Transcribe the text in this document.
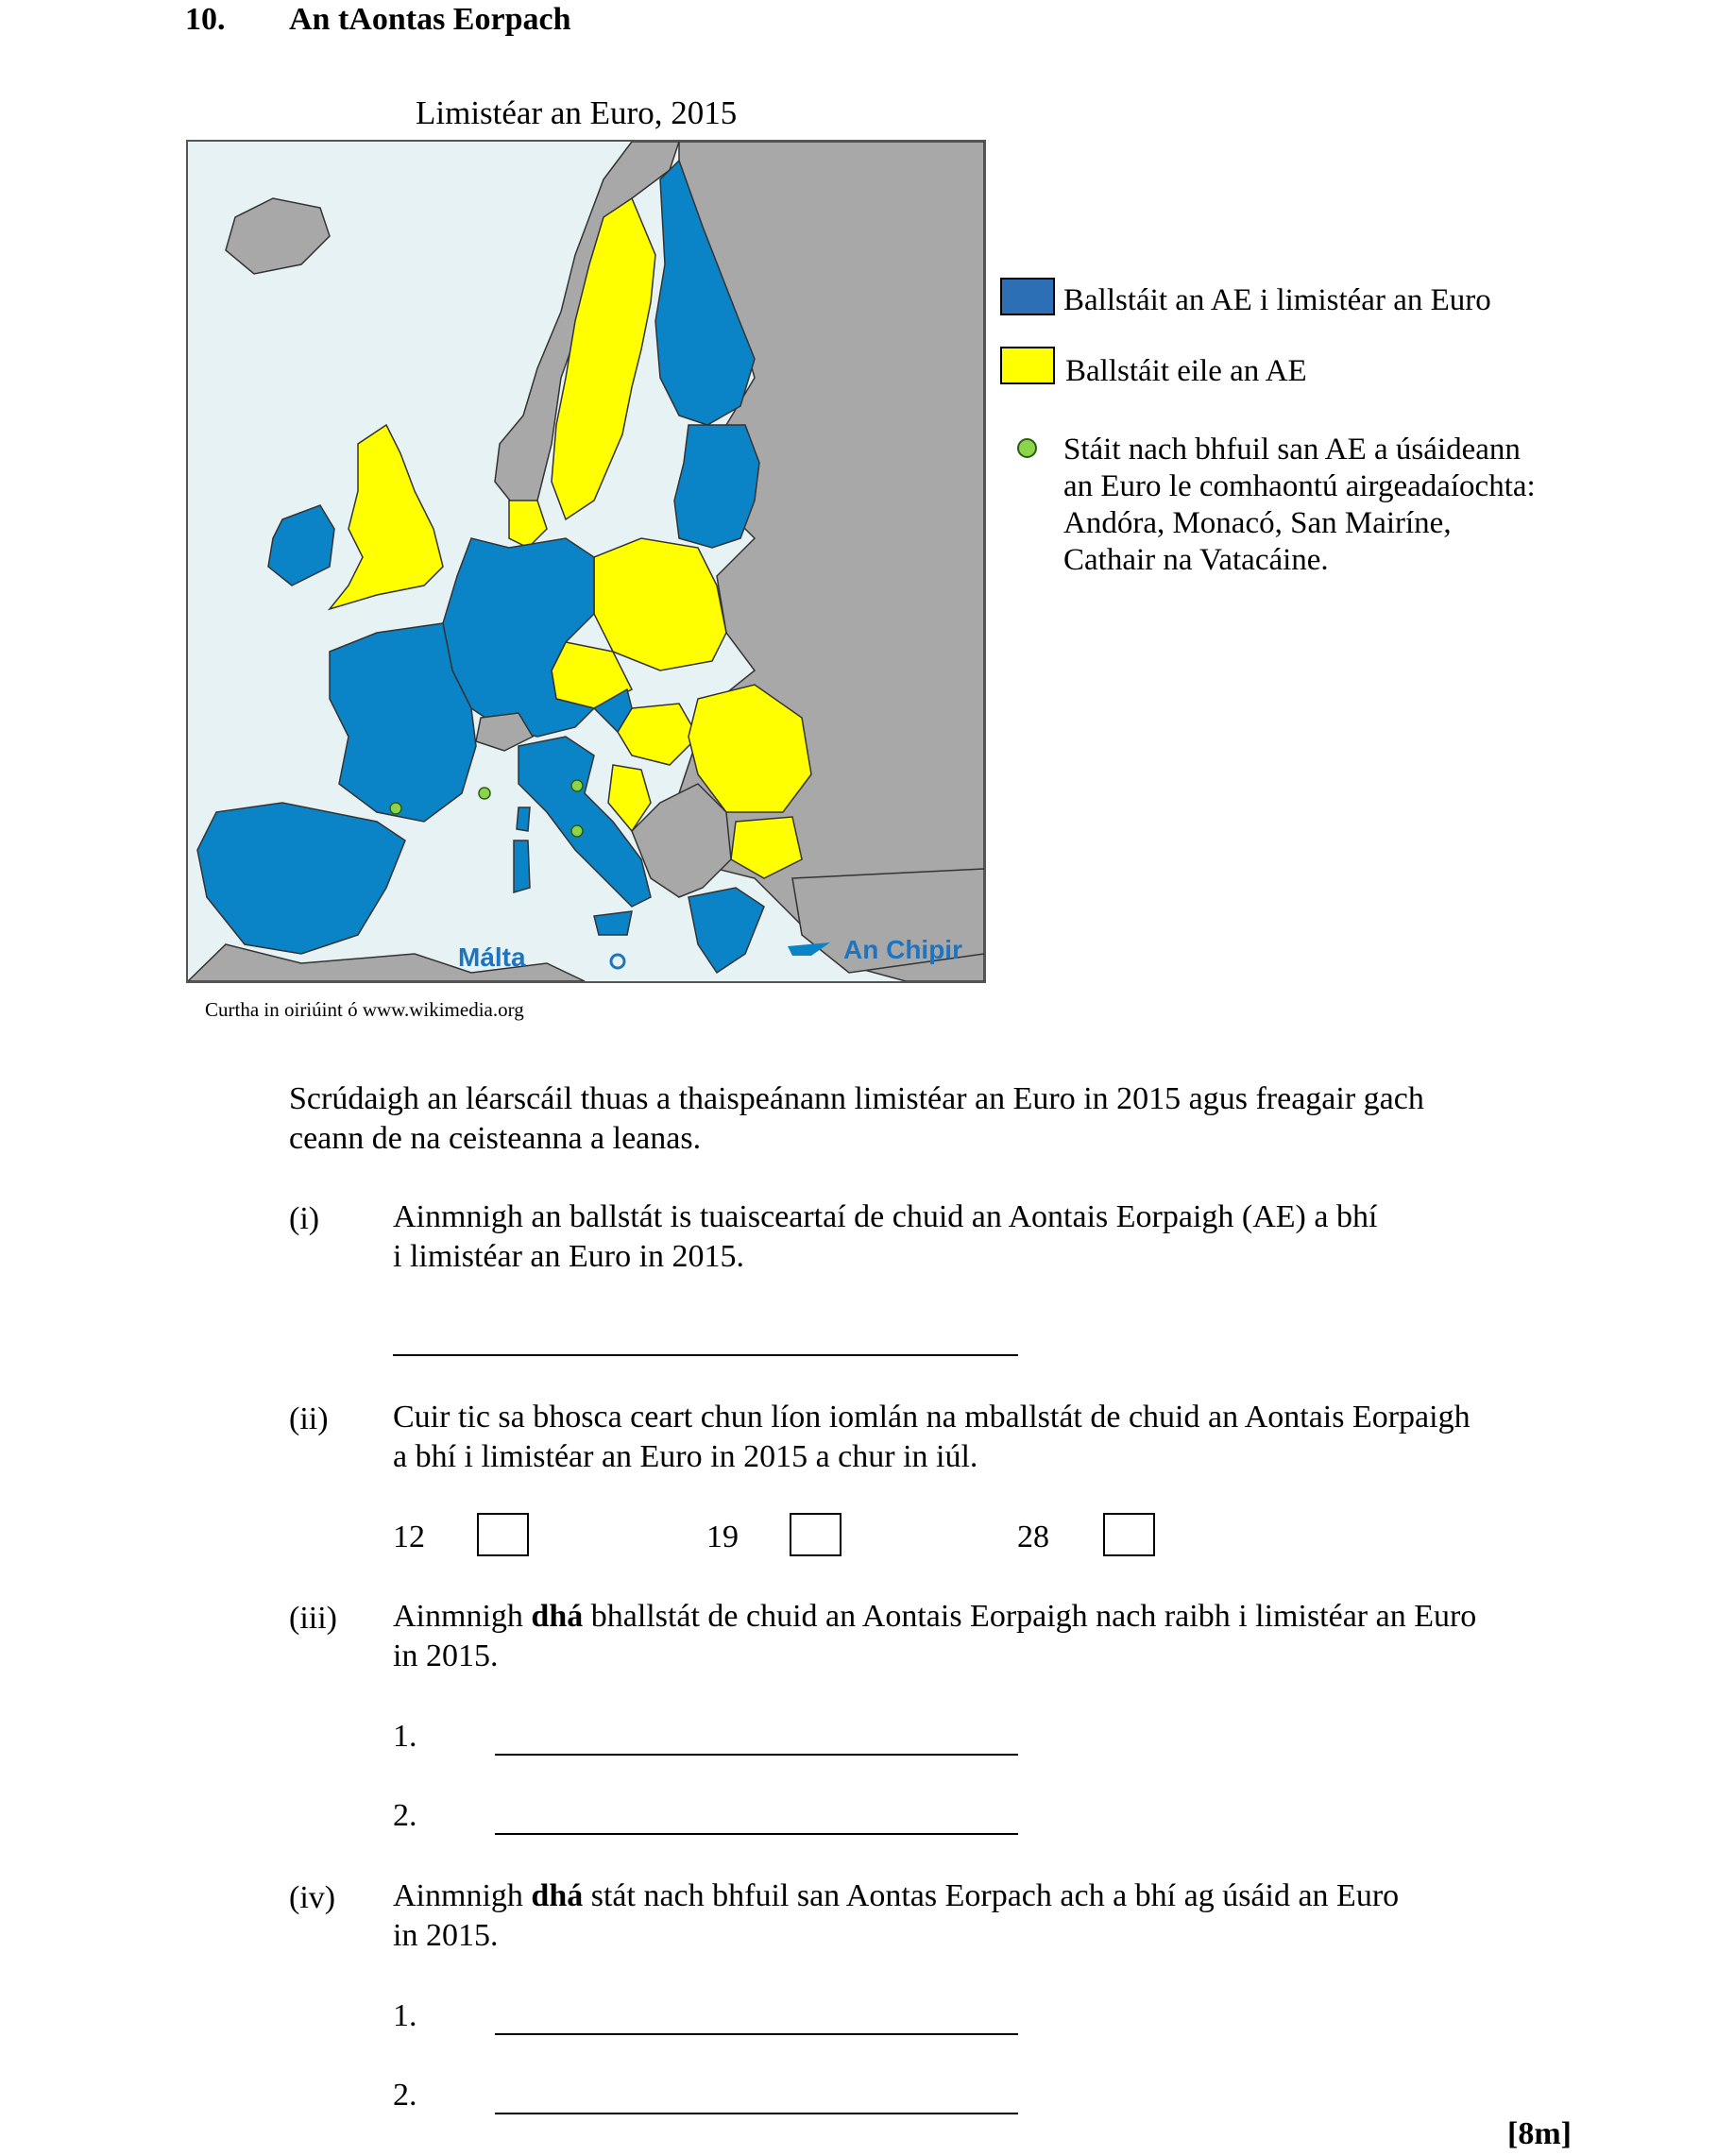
10. An tAontas Eorpach
Limistéar an Euro, 2015
Málta	An Chipir
Curtha in oiriúint ó www.wikimedia.org
Ballstáit an AE i limistéar an Euro
Ballstáit eile an AE
Stáit nach bhfuil san AE a úsáideann
an Euro le comhaontú airgeadaíochta:
Andóra, Monacó, San Mairíne,
Cathair na Vatacáine.
Scrúdaigh an léarscáil thuas a thaispeánann limistéar an Euro in 2015 agus freagair gach
ceann de na ceisteanna a leanas.
(i) Ainmnigh an ballstát is tuaisceartaí de chuid an Aontais Eorpaigh (AE) a bhí
i limistéar an Euro in 2015.
(ii) Cuir tic sa bhosca ceart chun líon iomlán na mballstát de chuid an Aontais Eorpaigh
a bhí i limistéar an Euro in 2015 a chur in iúl.
12	19	28
(iii) Ainmnigh dhá bhallstát de chuid an Aontais Eorpaigh nach raibh i limistéar an Euro
in 2015.
1.
2.
(iv) Ainmnigh dhá stát nach bhfuil san Aontas Eorpach ach a bhí ag úsáid an Euro
in 2015.
1.
2.
[8m]
